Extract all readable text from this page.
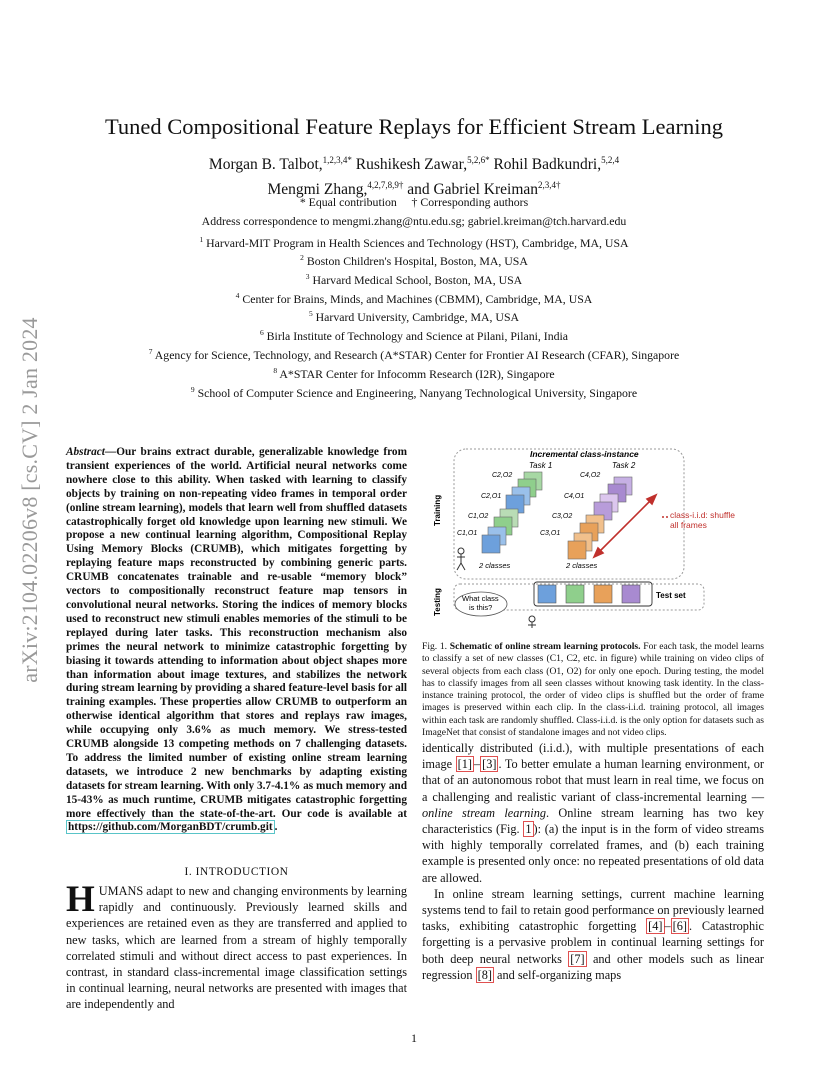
arXiv:2104.02206v8 [cs.CV] 2 Jan 2024
Tuned Compositional Feature Replays for Efficient Stream Learning
Morgan B. Talbot,$^{1,2,3,4*}$ Rushikesh Zawar,$^{5,2,6*}$ Rohil Badkundri,$^{5,2,4}$
Mengmi Zhang,$^{4,2,7,8,9\dagger}$ and Gabriel Kreiman$^{2,3,4\dagger}$
* Equal contribution     † Corresponding authors
Address correspondence to mengmi.zhang@ntu.edu.sg; gabriel.kreiman@tch.harvard.edu
$^1$ Harvard-MIT Program in Health Sciences and Technology (HST), Cambridge, MA, USA
$^2$ Boston Children's Hospital, Boston, MA, USA
$^3$ Harvard Medical School, Boston, MA, USA
$^4$ Center for Brains, Minds, and Machines (CBMM), Cambridge, MA, USA
$^5$ Harvard University, Cambridge, MA, USA
$^6$ Birla Institute of Technology and Science at Pilani, Pilani, India
$^7$ Agency for Science, Technology, and Research (A*STAR) Center for Frontier AI Research (CFAR), Singapore
$^8$ A*STAR Center for Infocomm Research (I2R), Singapore
$^9$ School of Computer Science and Engineering, Nanyang Technological University, Singapore
Abstract—Our brains extract durable, generalizable knowledge from transient experiences of the world. Artificial neural networks come nowhere close to this ability. When tasked with learning to classify objects by training on non-repeating video frames in temporal order (online stream learning), models that learn well from shuffled datasets catastrophically forget old knowledge upon learning new stimuli. We propose a new continual learning algorithm, Compositional Replay Using Memory Blocks (CRUMB), which mitigates forgetting by replaying feature maps reconstructed by combining generic parts. CRUMB concatenates trainable and re-usable “memory block” vectors to compositionally reconstruct feature map tensors in convolutional neural networks. Storing the indices of memory blocks used to reconstruct new stimuli enables memories of the stimuli to be replayed during later tasks. This reconstruction mechanism also primes the neural network to minimize catastrophic forgetting by biasing it towards attending to information about object shapes more than information about image textures, and stabilizes the network during stream learning by providing a shared feature-level basis for all training examples. These properties allow CRUMB to outperform an otherwise identical algorithm that stores and replays raw images, while occupying only 3.6% as much memory. We stress-tested CRUMB alongside 13 competing methods on 7 challenging datasets. To address the limited number of existing online stream learning datasets, we introduce 2 new benchmarks by adapting existing datasets for stream learning. With only 3.7-4.1% as much memory and 15-43% as much runtime, CRUMB mitigates catastrophic forgetting more effectively than the state-of-the-art. Our code is available at https://github.com/MorganBDT/crumb.git .
I. INTRODUCTION
HUMANS adapt to new and changing environments by learning rapidly and continuously. Previously learned skills and experiences are retained even as they are transferred and applied to new tasks, which are learned from a stream of highly temporally correlated stimuli and without direct access to past experiences. In contrast, in standard class-incremental image classification settings in continual learning, neural networks are presented with images that are independently and
Training
Incremental class-instance
Task 1	Task 2
C2,O2
C2,O1
C1,O2
C1,O1
2 classes
C4,O2
C4,O1
C3,O2
C3,O1
2 classes
class-i.i.d: shuffle
all frames
Testing	What class
is this?
Test set
Fig. 1. Schematic of online stream learning protocols. For each task, the model learns to classify a set of new classes (C1, C2, etc. in figure) while training on video clips of several objects from each class (O1, O2) for only one epoch. During testing, the model has to classify images from all seen classes without knowing task identity. In the class-instance training protocol, the order of video clips is shuffled but the order of frame images is preserved within each clip. In the class-i.i.d. training protocol, all images within each task are randomly shuffled. Class-i.i.d. is the only option for datasets such as ImageNet that consist of standalone images and not video clips.

identically distributed (i.i.d.), with multiple presentations of each image [1] – [3] . To better emulate a human learning environment, or that of an autonomous robot that must learn in real time, we focus on a challenging and realistic variant of class-incremental learning — online stream learning. Online stream learning has two key characteristics (Fig. 1 ): (a) the input is in the form of video streams with highly temporally correlated frames, and (b) each training example is presented only once: no repeated presentations of old data are allowed.

In online stream learning settings, current machine learning systems tend to fail to retain good performance on previously learned tasks, exhibiting catastrophic forgetting [4] – [6] . Catastrophic forgetting is a pervasive problem in continual learning settings for both deep neural networks [7] and other models such as linear regression [8] and self-organizing maps

1
